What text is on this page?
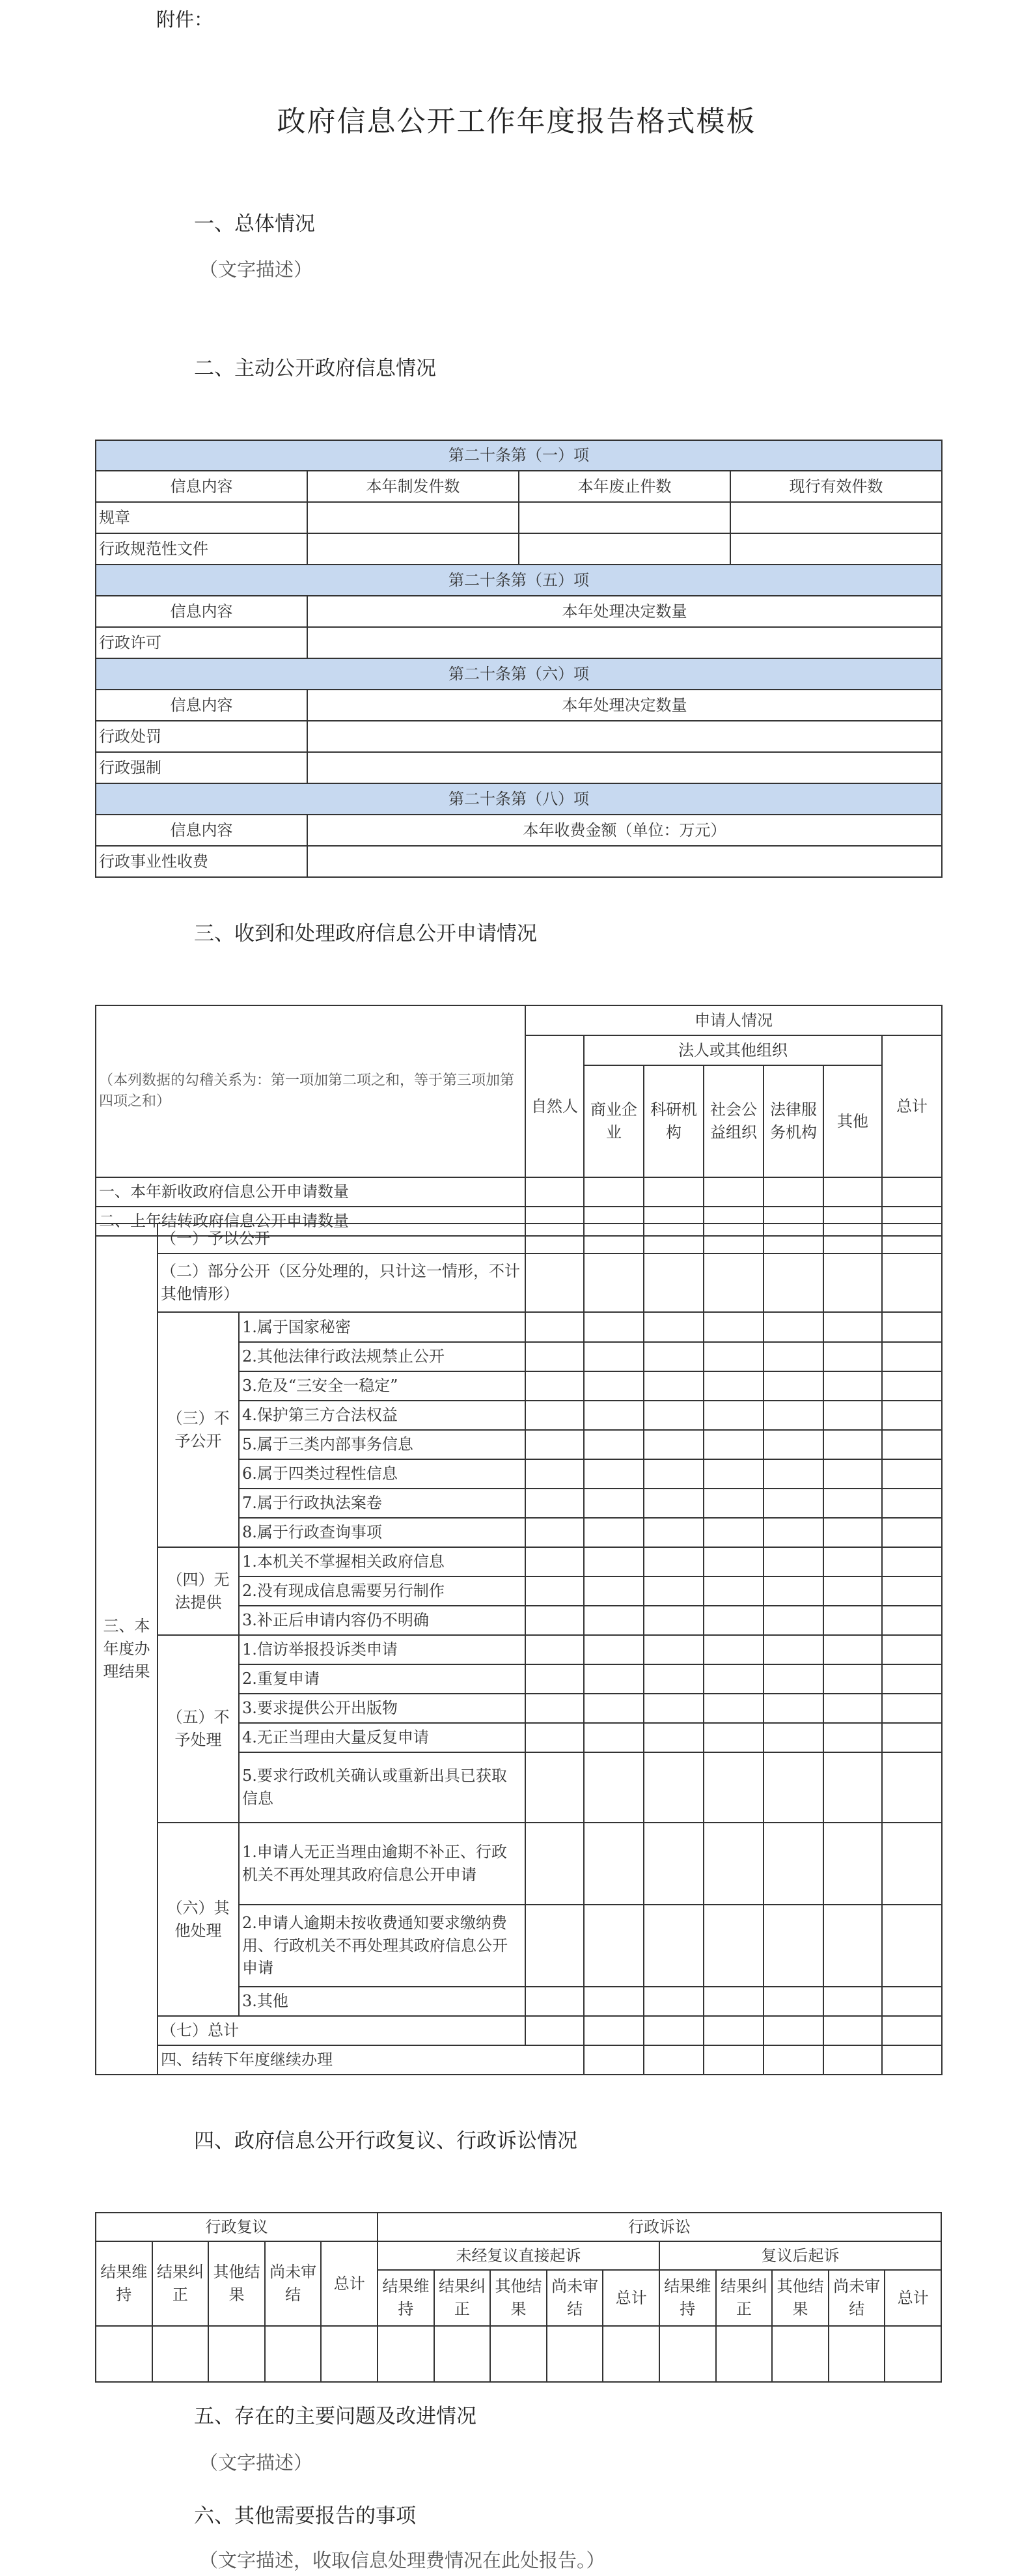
附件：
政府信息公开工作年度报告格式模板
一、总体情况
（文字描述）
二、主动公开政府信息情况
第二十条第（一）项			
信息内容	本年制发件数	本年废止件数	现行有效件数
规章			
行政规范性文件			
第二十条第（五）项			
信息内容	本年处理决定数量		
行政许可			
第二十条第（六）项			
信息内容	本年处理决定数量		
行政处罚			
行政强制			
第二十条第（八）项			
信息内容	本年收费金额（单位：万元）		
行政事业性收费			
三、收到和处理政府信息公开申请情况
（本列数据的勾稽关系为：第一项加第二项之和，等于第三项加第四项之和）	申请人情况						
	自然人	法人或其他组织					总计
		商业企业	科研机构	社会公益组织	法律服务机构	其他	
一、本年新收政府信息公开申请数量							
二、上年结转政府信息公开申请数量							
三、本年度办理结果	（一）予以公开									
	（二）部分公开（区分处理的，只计这一情形，不计其他情形）									
	（三）不予公开	1.属于国家秘密								
		2.其他法律行政法规禁止公开								
		3.危及“三安全一稳定”								
		4.保护第三方合法权益								
		5.属于三类内部事务信息								
		6.属于四类过程性信息								
		7.属于行政执法案卷								
		8.属于行政查询事项								
	（四）无法提供	1.本机关不掌握相关政府信息								
		2.没有现成信息需要另行制作								
		3.补正后申请内容仍不明确								
	（五）不予处理	1.信访举报投诉类申请								
		2.重复申请								
		3.要求提供公开出版物								
		4.无正当理由大量反复申请								
		5.要求行政机关确认或重新出具已获取信息								
	（六）其他处理	1.申请人无正当理由逾期不补正、行政机关不再处理其政府信息公开申请								
		2.申请人逾期未按收费通知要求缴纳费用、行政机关不再处理其政府信息公开申请								
		3.其他								
	（七）总计									
	四、结转下年度继续办理									
四、政府信息公开行政复议、行政诉讼情况
行政复议					行政诉讼									
结果维持	结果纠正	其他结果	尚未审结	总计	未经复议直接起诉					复议后起诉				
					结果维持	结果纠正	其他结果	尚未审结	总计	结果维持	结果纠正	其他结果	尚未审结	总计

五、存在的主要问题及改进情况
（文字描述）
六、其他需要报告的事项
（文字描述，收取信息处理费情况在此处报告。）
